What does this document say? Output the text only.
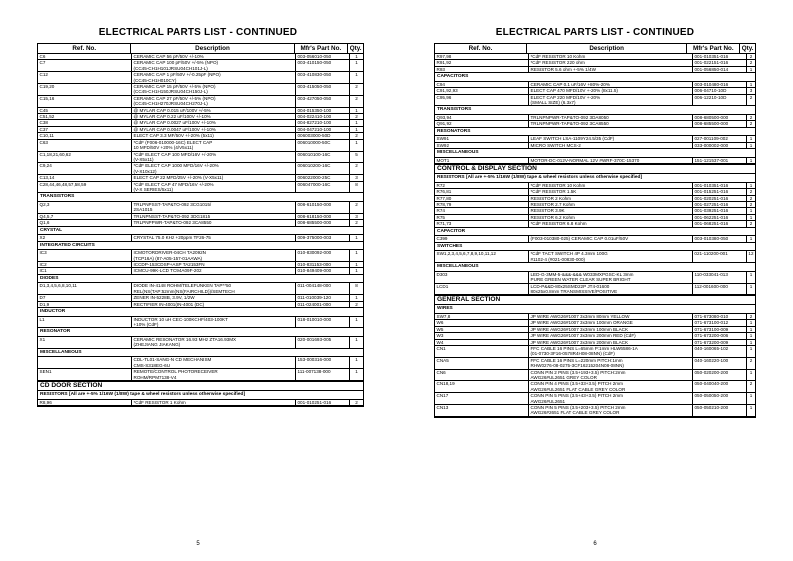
ELECTRICAL PARTS LIST - CONTINUED
Ref. No.	Description	Mfr's Part No.	Qty.
C6	CERAMIC CAP 56 pF/50V +/-10%	003-056010-050	1
C7	CERAMIC CAP 100 pF/50V +/-5% (NPO)
(CC45-CH1H101JRSU04CH101J-L)
003-410150-050	1
C12	CERAMIC CAP 1 pF/50V +/-0.25pF (NPO)
(CC45-CH1H010CY)
003-410830-050	1
C19,20	CERAMIC CAP 15 pF/50V +/-5% (NPO)
(CC45-CH1H150JRSU04CH150J-L)
003-415050-050	2
C15,16	CERAMIC CAP 27 pF/50V +/-5% (NPO)
(CC45-CH1H270JRSU04CH270J-L)
003-427050-050	2
C45	@ MYLAR CAP 0.015 uF/100V +/-5%	004-015350-100	1
C51,52	@ MYLAR CAP 0.22 uF/100V +/-10%	004-022410-100	2
C38	@ MYLAR CAP 0.0027 uF/100V +/-10%	004-827210-100	1
C37	@ MYLAR CAP 0.0047 uF/100V +/-10%	004-047210-100	1
C10,11	ELECT CAP 3.3 MF/50V +/-20% (5x11)	006003000-50D	2
C63	*CdF (F006-010000-16C) ELECT CAP
10 MFD/50V +20% (4/V5x11)
006010000-50C	1
C1,18,21,60,62	*CdF ELECT CAP 100 MFD/16V +/-20%
(V-X5x11)
006010100-16C	5
C9,24	*CdF ELECT CAP 1000 MFD/16V +/-20%
(V-X10x12)
006010200-16C	2
C13,14	ELECT CAP 22 MFD/25V +/-20% (V-X5x11)	006022000-25C	3
C28,44,46,48,57,58,59	*CdF ELECT CAP 47 MFD/16V +/-20%
(V-X SERIES/5x11)
006047000-16C	8
TRANSISTORS
Q2,3	TRLPNPSST-TAP&TO-092 3CG1015/
2SA1015
008-610150-000	2
Q4,5,7	TRLNPNSST-TAP&TO-092 3DG1815	008-618150-000	3
Q1,6	TRLPNPPWR-TAP&TO-092 3CA8550	008-685500-000	2
CRYSTAL
X2	CRYSTAL 75.0 KHz +20ppm TF26-75	009-375000-003	1
INTEGRATED CIRCUITS
IC3	ICMOTORDRIVER-04CH TA2092N
(TCP16A) (87-A05-157-01AAWA)
010-830092-000	1
IC2	ICCDP-153CDSP+ASP TA2153FN	010-831153-000	1
IC1	ICMCU-99K-LCD TC94A09F-202	010-849409-000	1
DIODES
D1,3,4,5,6,8,10,11	DIODE IN-4148 ROHM/TELEFUNKEN TAP**50
REL(NS(TAP:52mm(NS(FAIRCHILD))/SEMTECH
011-004148-000	8
D7	ZENER IN-5228B, 3.9V, 1/2W	011-010039-120	1
D1,9	RECTIFIER IN-4001(IN-4001 (DC)	011-024001-000	2
INDUCTOR
L1	INDUCTOR 10 uH CEC-100KCHF/403-100KT
+10% (CdF)
018-010010-000	1
RESONATOR
X1	CERAMIC RESONATOR 16.93 MHz ZTA16.93MX
(ZHEJIANG JIAKANG)
020-001693-005	1
MISCELLANEOUS
CDL-TL01-SANG-N CD MECHANISM
CMS-S318EG-6U
153-000316-000	1
SEN1	REMOTE/CONTROL PHOTORECEIVER
ROHM/RPM7138-V4
111-007138-000	1
CD DOOR SECTION
RESISTORS [All are +-5% 1/16W (1/8W) tape & wheel resistors unless otherwise specified]
R8,96	*CdF RESISTOR 1 Kohm	001-010251-016	2
5
ELECTRICAL PARTS LIST - CONTINUED
Ref. No.	Description	Mfr's Part No.	Qty.
R97,98	*CdF RESISTOR 10 Kohm	001-010351-016	2
R91,92	*CdF RESISTOR 220 ohm	001-022151-016	2
R93	RESISTOR 5.6 ohm +-5% 1/4W	001-056850-014	1
CAPACITORS
C94	CERAMIC CAP 0.1 uF/16V +80%-20%	003-010480-016	1
C91,92,93	ELECT CAP 470 MFD/10V +-20% (8x11.5)	006-04710-10D	3
C95,96	ELECT CAP 220 MFD/10V +-20%
(SMALL SIZE) (6.3x7)
006-12210-10D	2
TRANSISTORS
Q93,94	TRLNPNPWR-TAP&TO-092 3DA8050	008-680500-000	2
Q91,92	TRLNPNPWR-TAP&TO-092 3CA8550	008-685500-000	2
RESONATORS
SW91	LEAF SWITCH LSA-1109Y24.5/35 (CdF)	027-001109-002	1
SW92	MICRO SWITCH MCS-2	033-000002-000	1
MISCELLANEOUS
MOT1	MOTOR-DC-012V-NORMAL 12V #WRF-370C-15370	151-121537-001	1
CONTROL & DISPLAY SECTION
RESISTORS [All are +-5% 1/16W (1/8W) tape & wheel resistors unless otherwise specified]
R72	*CdF RESISTOR 10 Kohm	001-010351-016	1
R76,81	*CdF RESISTOR 1.5K	001-015251-016	2
R77,80	RESISTOR 2 Kohm	001-020251-016	2
R78,79	RESISTOR 2.7 Kohm	001-027251-016	2
R74	RESISTOR 3.9K	001-039251-016	1
R75	RESISTOR 6.2 Kohm	001-062251-016	1
R71,73	*CdF RESISTOR 6.8 Kohm	001-068251-016	2
CAPACITOR
C399	(F003-010380-025) CERAMIC CAP 0.01uF/50V	003-010380-050	1
SWITCHES
SW1,2,3,4,5,6,7,8,9,10,11,12	*CdF TACT SWITCH 4P 4.3mm 100G
#1102-4 (#021-00830-000)
021-110200-001	12
MISCELLANEOUS
D303	LED-G-3MM-5-&&&-&&& W033MXPGSC-KL 3mm
PURE GREEN WATER CLEAR SUPER BRIGHT
110-033041-013	1
LCD1	LCD-P&&D-80x25SMD22P JT4-01600
80x25x0.8mm TRANSMISSIVE/POSITIVE
112-001600-000	1
GENERAL SECTION
WIRES
SW7,8	JP WIRE AWG26#1007 3x3mm 80mm YELLOW	071-673080-010	2
W6	JP WIRE AWG26#1007 3x3mm 100mm ORANGE	071-673100-012	1
W5	JP WIRE AWG26#1007 3x3mm 100mm BLACK	071-673100-009	1
W3	JP WIRE AWG26#1007 3x3mm 200mm RED (CdF)	071-673200-006	1
W4	JP WIRE AWG26#1007 3x3mm 200mm BLACK	071-673200-009	1
CN1	FFC CABLE 16 PINS L=65mm P:1mm HLW6586-1A
(01-0730-3F16-0578R4H08-08NN) (CdF)
040-160065-102	1
CNA5	FFC CABLE 16 PINS L=220mm PITCH:1mm
RHW0276-08-0275-3CF16215204N08-08NN)
040-160220-100	2
CN6	CONN PIN 2 PINS (3.5+193+3.5) PITCH:2mm
AWG26#UL2651 GREY COLOR
050-020200-200	1
CN18,19	CONN PIN 4 PINS (3.5+33+3.5) PITCH 2mm
AWG26#UL2651 FLAT CABLE GREY COLOR
050-040040-200	2
CN17	CONN PIN 5 PINS (3.5+43+3.5) PITCH 2mm
AWG26#UL2651
050-050050-200	1
CN13	CONN PIN 5 PINS (3.5+203+3.5) PITCH 2mm
AWG26#2651 FLAT CABLE GREY COLOR
050-050210-200	1
6
